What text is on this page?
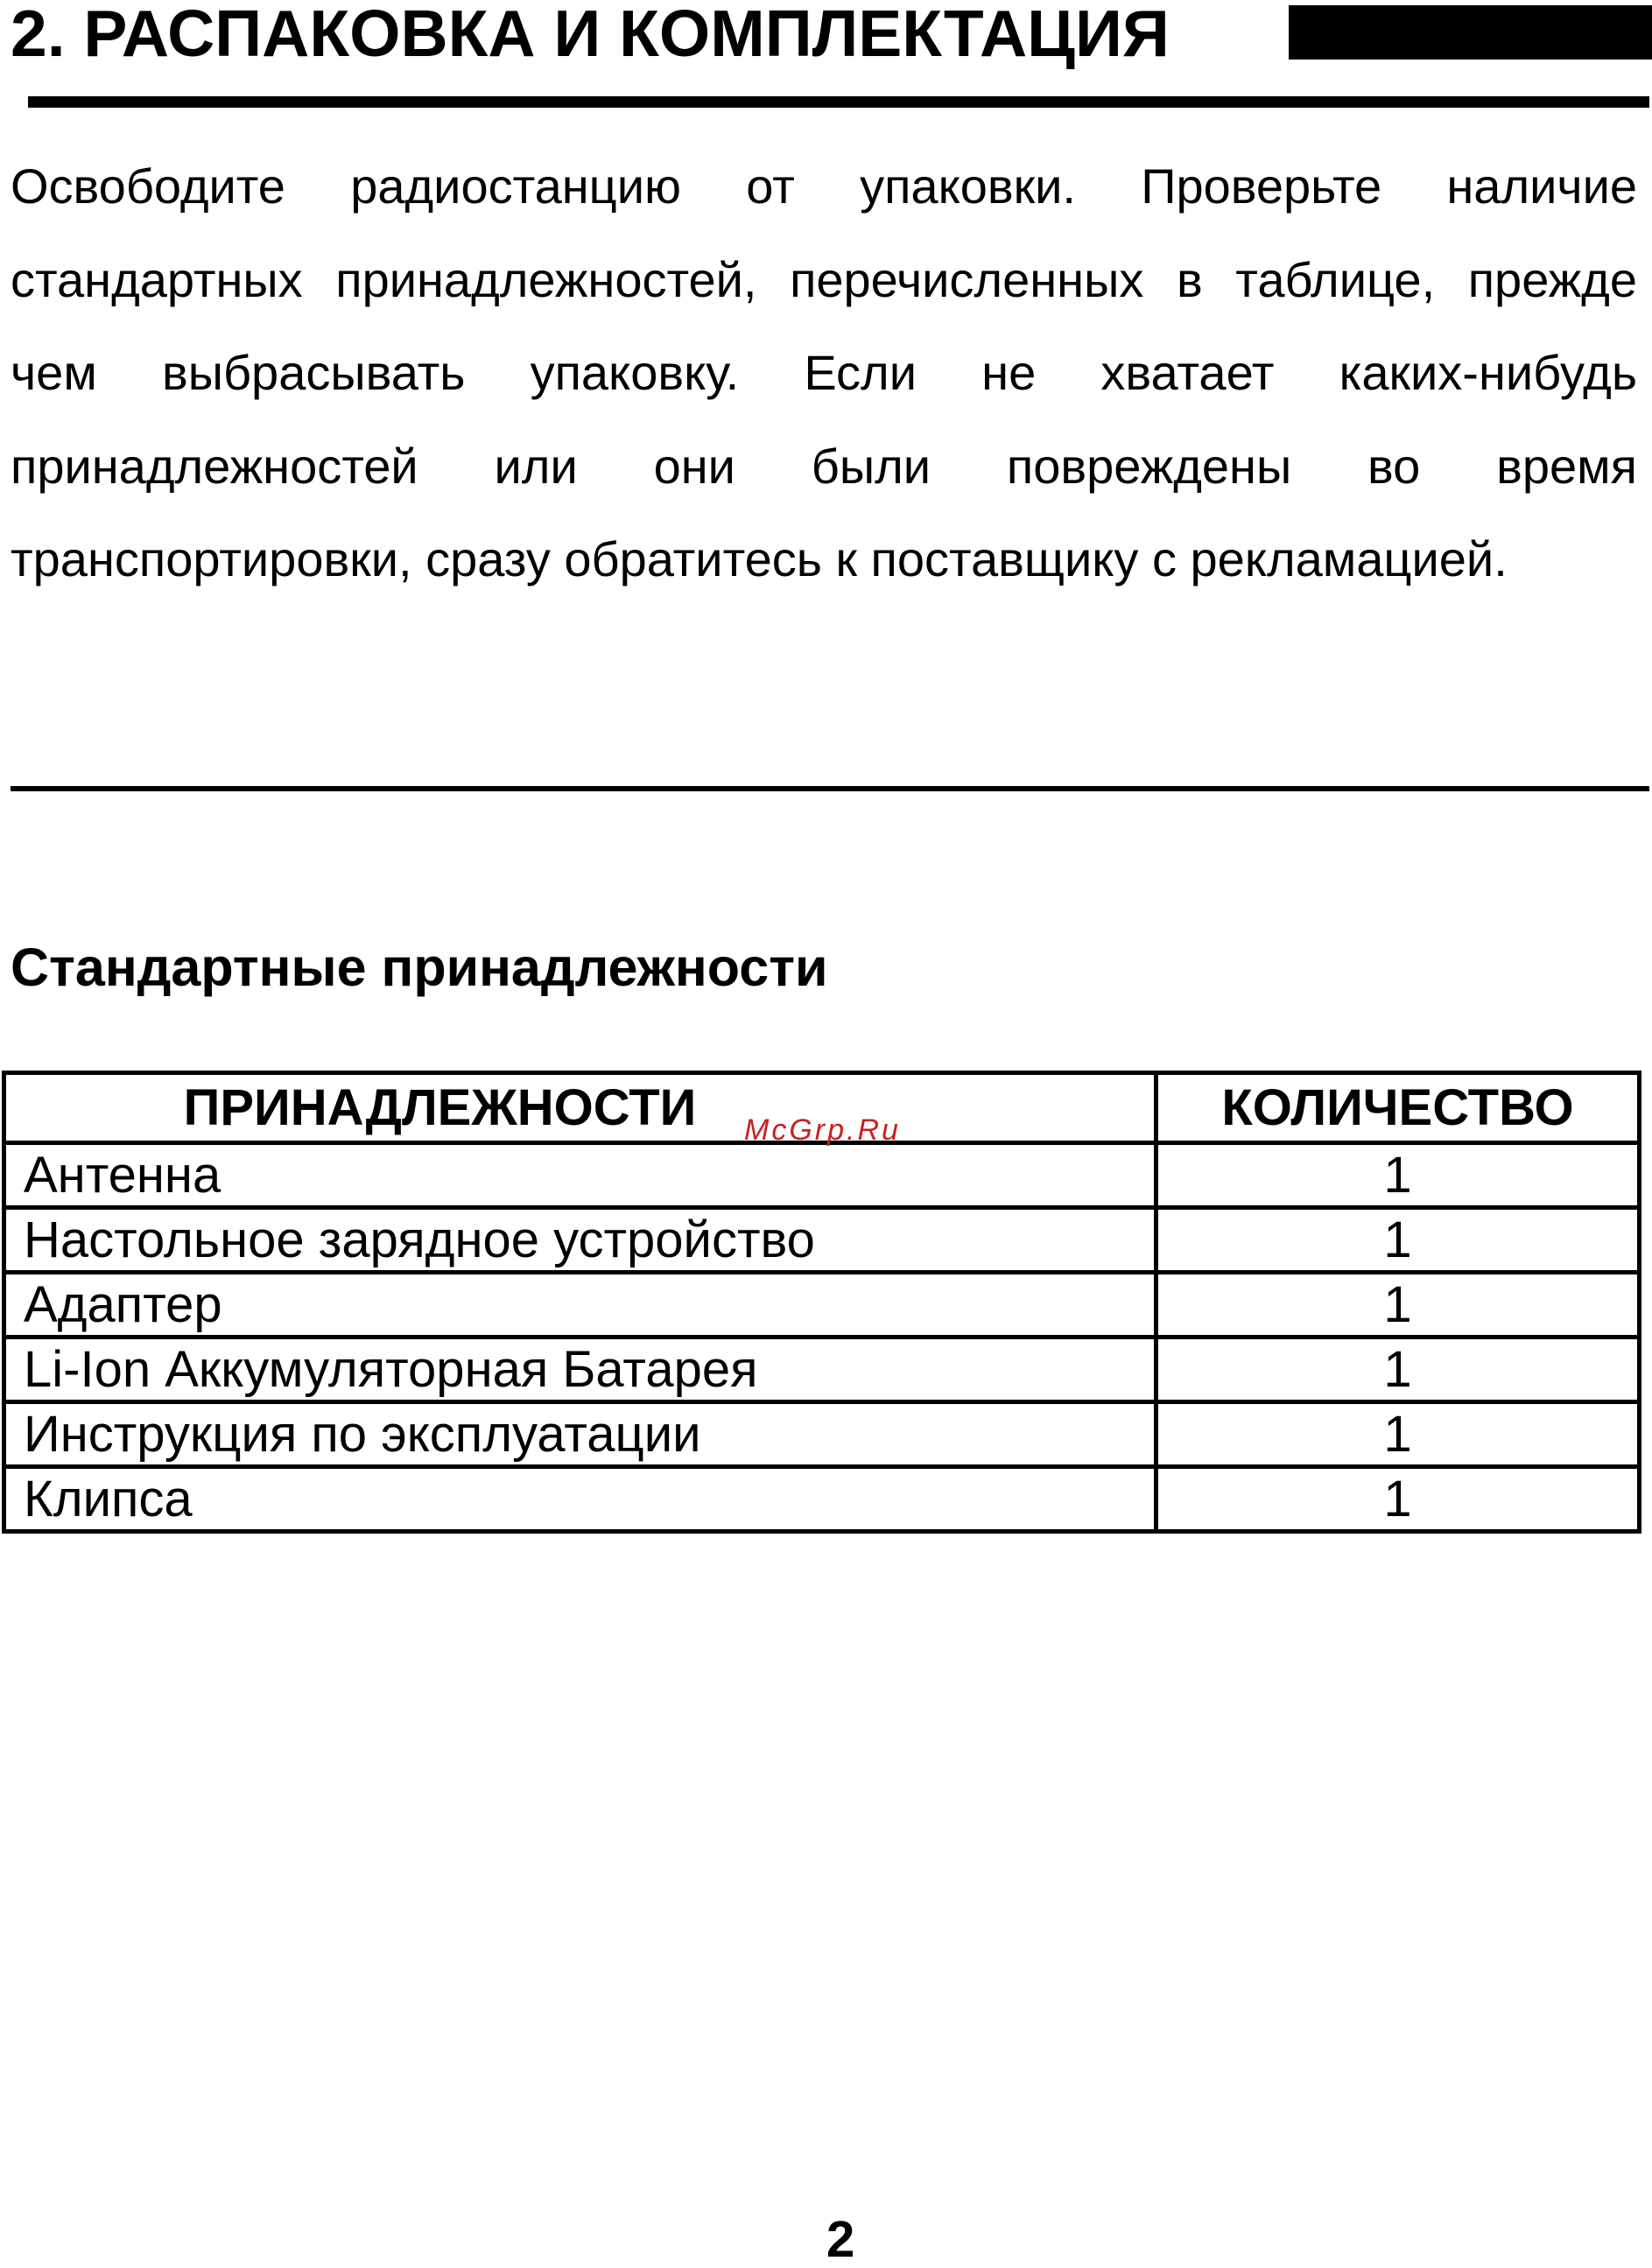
2. РАСПАКОВКА И КОМПЛЕКТАЦИЯ

Освободите радиостанцию от упаковки. Проверьте наличие стандартных принадлежностей, перечисленных в таблице, прежде чем выбрасывать упаковку. Если не хватает каких-нибудь принадлежностей или они были повреждены во время транспортировки, сразу обратитесь к поставщику с рекламацией.

Стандартные принадлежности
ПРИНАДЛЕЖНОСТИ	КОЛИЧЕСТВО
Антенна	1
Настольное зарядное устройство	1
Адаптер	1
Li-Ion Аккумуляторная Батарея	1
Инструкция по эксплуатации	1
Клипса	1
McGrp.Ru
2
